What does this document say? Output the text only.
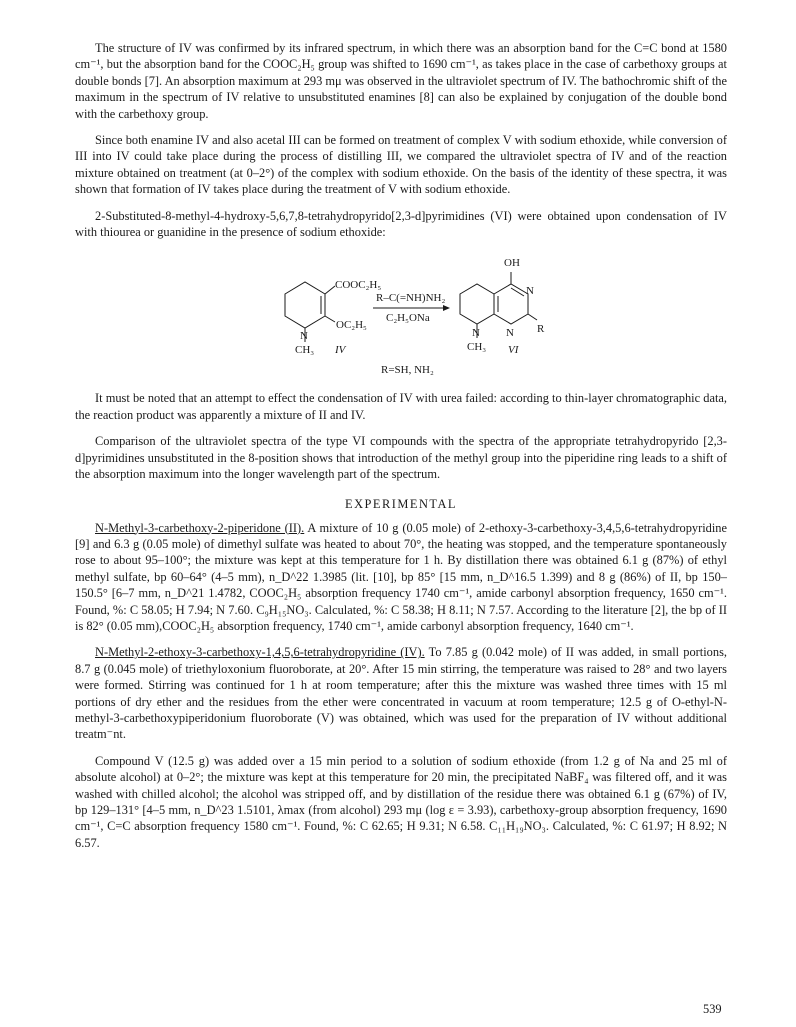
The structure of IV was confirmed by its infrared spectrum, in which there was an absorption band for the C=C bond at 1580 cm⁻¹, but the absorption band for the COOC₂H₅ group was shifted to 1690 cm⁻¹, as takes place in the case of carbethoxy groups at double bonds [7]. An absorption maximum at 293 mμ was observed in the ultraviolet spectrum of IV. The bathochromic shift of the maximum in the spectrum of IV relative to unsubstituted enamines [8] can also be explained by conjugation of the double bond with the carbethoxy group.

Since both enamine IV and also acetal III can be formed on treatment of complex V with sodium ethoxide, while conversion of III into IV could take place during the process of distilling III, we compared the ultraviolet spectra of IV and of the reaction mixture obtained on treatment (at 0–2°) of the complex with sodium ethoxide. On the basis of the identity of these spectra, it was shown that formation of IV takes place during the treatment of V with sodium ethoxide.

2-Substituted-8-methyl-4-hydroxy-5,6,7,8-tetrahydropyrido[2,3-d]pyrimidines (VI) were obtained upon condensation of IV with thiourea or guanidine in the presence of sodium ethoxide:

COOC₂H₅
OC₂H₅
N
CH₃ IV
R–C(=NH)NH₂
C₂H₅ONa
OH
N
N N R
CH₃ VI
R=SH, NH₂

It must be noted that an attempt to effect the condensation of IV with urea failed: according to thin-layer chromatographic data, the reaction product was apparently a mixture of II and IV.

Comparison of the ultraviolet spectra of the type VI compounds with the spectra of the appropriate tetrahydropyrido [2,3-d]pyrimidines unsubstituted in the 8-position shows that introduction of the methyl group into the piperidine ring leads to a shift of the absorption maximum into the longer wavelength part of the spectrum.

EXPERIMENTAL

N-Methyl-3-carbethoxy-2-piperidone (II). A mixture of 10 g (0.05 mole) of 2-ethoxy-3-carbethoxy-3,4,5,6-tetrahydropyridine [9] and 6.3 g (0.05 mole) of dimethyl sulfate was heated to about 70°, the heating was stopped, and the temperature spontaneously rose to about 95–100°; the mixture was kept at this temperature for 1 h. By distillation there was obtained 6.1 g (87%) of ethyl methyl sulfate, bp 60–64° (4–5 mm), n_D^22 1.3985 (lit. [10], bp 85° [15 mm, n_D^16.5 1.399) and 8 g (86%) of II, bp 150–150.5° [6–7 mm, n_D^21 1.4782, COOC₂H₅ absorption frequency 1740 cm⁻¹, amide carbonyl absorption frequency, 1650 cm⁻¹. Found, %: C 58.05; H 7.94; N 7.60. C₉H₁₅NO₃. Calculated, %: C 58.38; H 8.11; N 7.57. According to the literature [2], the bp of II is 82° (0.05 mm),COOC₂H₅ absorption frequency, 1740 cm⁻¹, amide carbonyl absorption frequency, 1640 cm⁻¹.

N-Methyl-2-ethoxy-3-carbethoxy-1,4,5,6-tetrahydropyridine (IV). To 7.85 g (0.042 mole) of II was added, in small portions, 8.7 g (0.045 mole) of triethyloxonium fluoroborate, at 20°. After 15 min stirring, the temperature was raised to 28° and two layers were formed. Stirring was continued for 1 h at room temperature; after this the mixture was washed three times with 15 ml portions of dry ether and the residues from the ether were concentrated in vacuum at room temperature; 12.5 g of O-ethyl-N-methyl-3-carbethoxypiperidonium fluoroborate (V) was obtained, which was used for the preparation of IV without additional treatm⁻nt.

Compound V (12.5 g) was added over a 15 min period to a solution of sodium ethoxide (from 1.2 g of Na and 25 ml of absolute alcohol) at 0–2°; the mixture was kept at this temperature for 20 min, the precipitated NaBF₄ was filtered off, and it was washed with chilled alcohol; the alcohol was stripped off, and by distillation of the residue there was obtained 6.1 g (67%) of IV, bp 129–131° [4–5 mm, n_D^23 1.5101, λmax (from alcohol) 293 mμ (log ε = 3.93), carbethoxy-group absorption frequency, 1690 cm⁻¹, C=C absorption frequency 1580 cm⁻¹. Found, %: C 62.65; H 9.31; N 6.58. C₁₁H₁₉NO₃. Calculated, %: C 61.97; H 8.92; N 6.57.

539
